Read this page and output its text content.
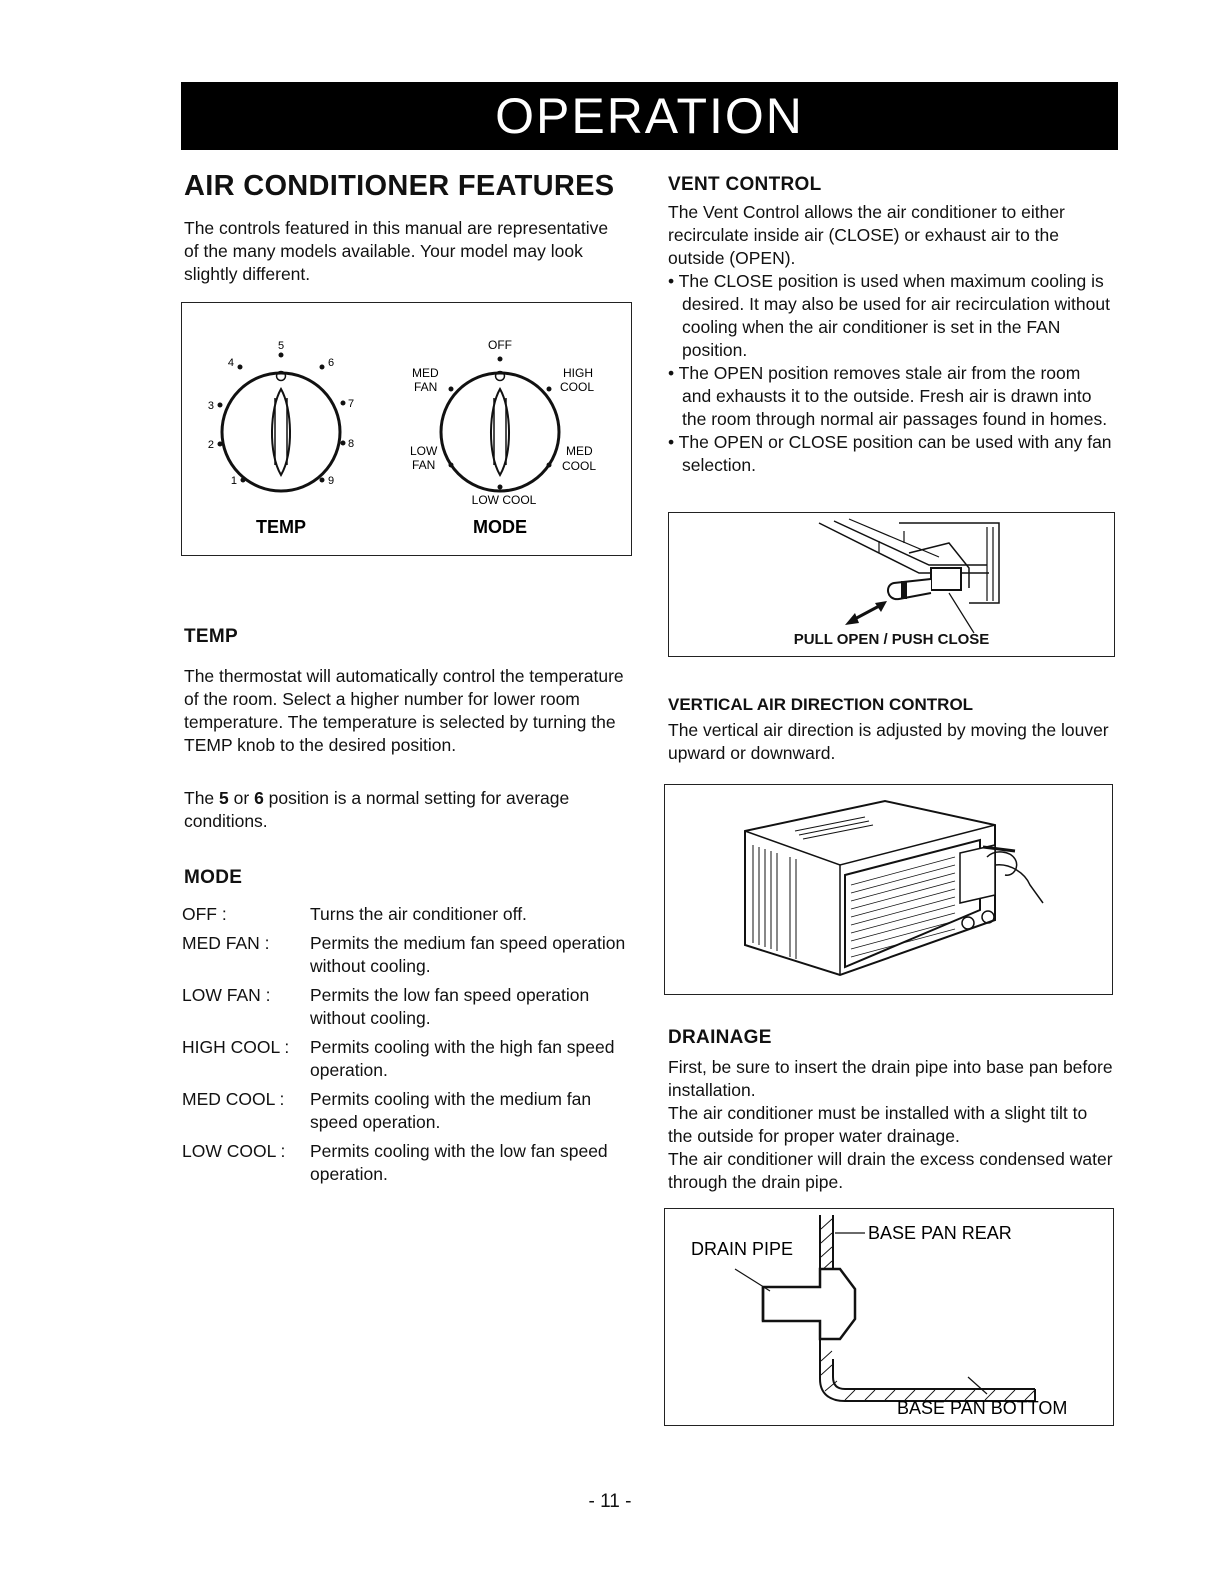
OPERATION
AIR CONDITIONER FEATURES

The controls featured in this manual are representative of the many models available. Your model may look slightly different.

5
4	6
3	7
2	8
1	9
OFF
MED
FAN
HIGH
COOL
LOW
FAN
MED
COOL
LOW COOL
TEMP	MODE
TEMP

The thermostat will automatically control the temperature of the room. Select a higher number for lower room temperature. The temperature is selected by turning the TEMP knob to the desired position.

The 5 or 6 position is a normal setting for average conditions.

MODE
OFF :	Turns the air conditioner off.
MED FAN :	Permits the medium fan speed operation without cooling.
LOW FAN :	Permits the low fan speed operation without cooling.
HIGH COOL :	Permits cooling with the high fan speed operation.
MED COOL :	Permits cooling with the medium fan speed operation.
LOW COOL :	Permits cooling with the low fan speed operation.
VENT CONTROL

The Vent Control allows the air conditioner to either recirculate inside air (CLOSE) or exhaust air to the outside (OPEN).

• The CLOSE position is used when maximum cooling is desired. It may also be used for air recirculation without cooling when the air conditioner is set in the FAN position.

• The OPEN position removes stale air from the room and exhausts it to the outside. Fresh air is drawn into the room through normal air passages found in homes.

• The OPEN or CLOSE position can be used with any fan selection.

PULL OPEN / PUSH CLOSE
VERTICAL AIR DIRECTION CONTROL

The vertical air direction is adjusted by moving the louver upward or downward.

DRAINAGE

First, be sure to insert the drain pipe into base pan before installation.

The air conditioner must be installed with a slight tilt to the outside for proper water drainage.

The air conditioner will drain the excess condensed water through the drain pipe.

DRAIN PIPE
BASE PAN REAR
BASE PAN BOTTOM
- 11 -
